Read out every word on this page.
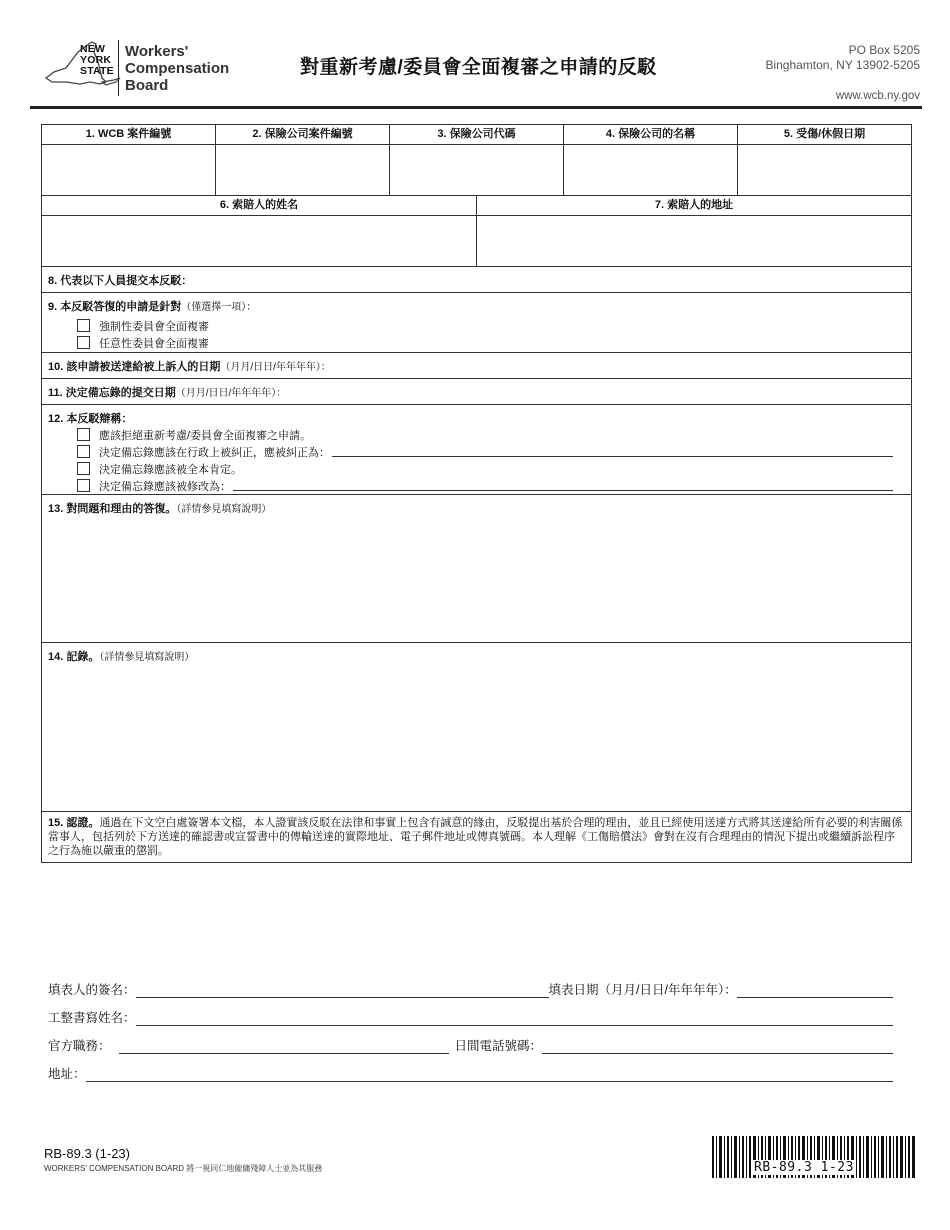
NEW
YORK
STATE
Workers'
Compensation
Board
對重新考慮/委員會全面複審之申請的反駁
PO Box 5205
Binghamton, NY 13902-5205
www.wcb.ny.gov
1. WCB 案件編號	2. 保險公司案件編號	3. 保險公司代碼		4. 保險公司的名稱	5. 受傷/休假日期

6. 索賠人的姓名			7. 索賠人的地址		

8. 代表以下人員提交本反駁：					

9. 本反駁答復的申請是針對（僅選擇一項）：
強制性委員會全面複審
任意性委員會全面複審					

10. 該申請被送達給被上訴人的日期（月月/日日/年年年年）：					

11. 決定備忘錄的提交日期（月月/日日/年年年年）：					

12. 本反駁辯稱：
應該拒絕重新考慮/委員會全面複審之申請。
決定備忘錄應該在行政上被糾正，應被糾正為：
決定備忘錄應該被全本肯定。
決定備忘錄應該被修改為：					

13. 對問題和理由的答復。（詳情參見填寫說明）					

14. 記錄。（詳情參見填寫說明）					

15. 認證。通過在下文空白處簽署本文檔，本人證實該反駁在法律和事實上包含有誠意的緣由，反駁提出基於合理的理由，並且已經使用送達方式將其送達給所有必要的利害關係當事人，包括列於下方送達的確認書或宣誓書中的傳輸送達的實際地址、電子郵件地址或傳真號碼。本人理解《工傷賠償法》會對在沒有合理理由的情況下提出或繼續訴訟程序之行為施以嚴重的懲罰。					
填表人的簽名：	填表日期（月月/日日/年年年年）：
工整書寫姓名：
官方職務：	日間電話號碼：
地址：
RB-89.3 (1-23)
WORKERS' COMPENSATION BOARD 將一視同仁地僱傭殘障人士並為其服務	RB-89.3 1-23
